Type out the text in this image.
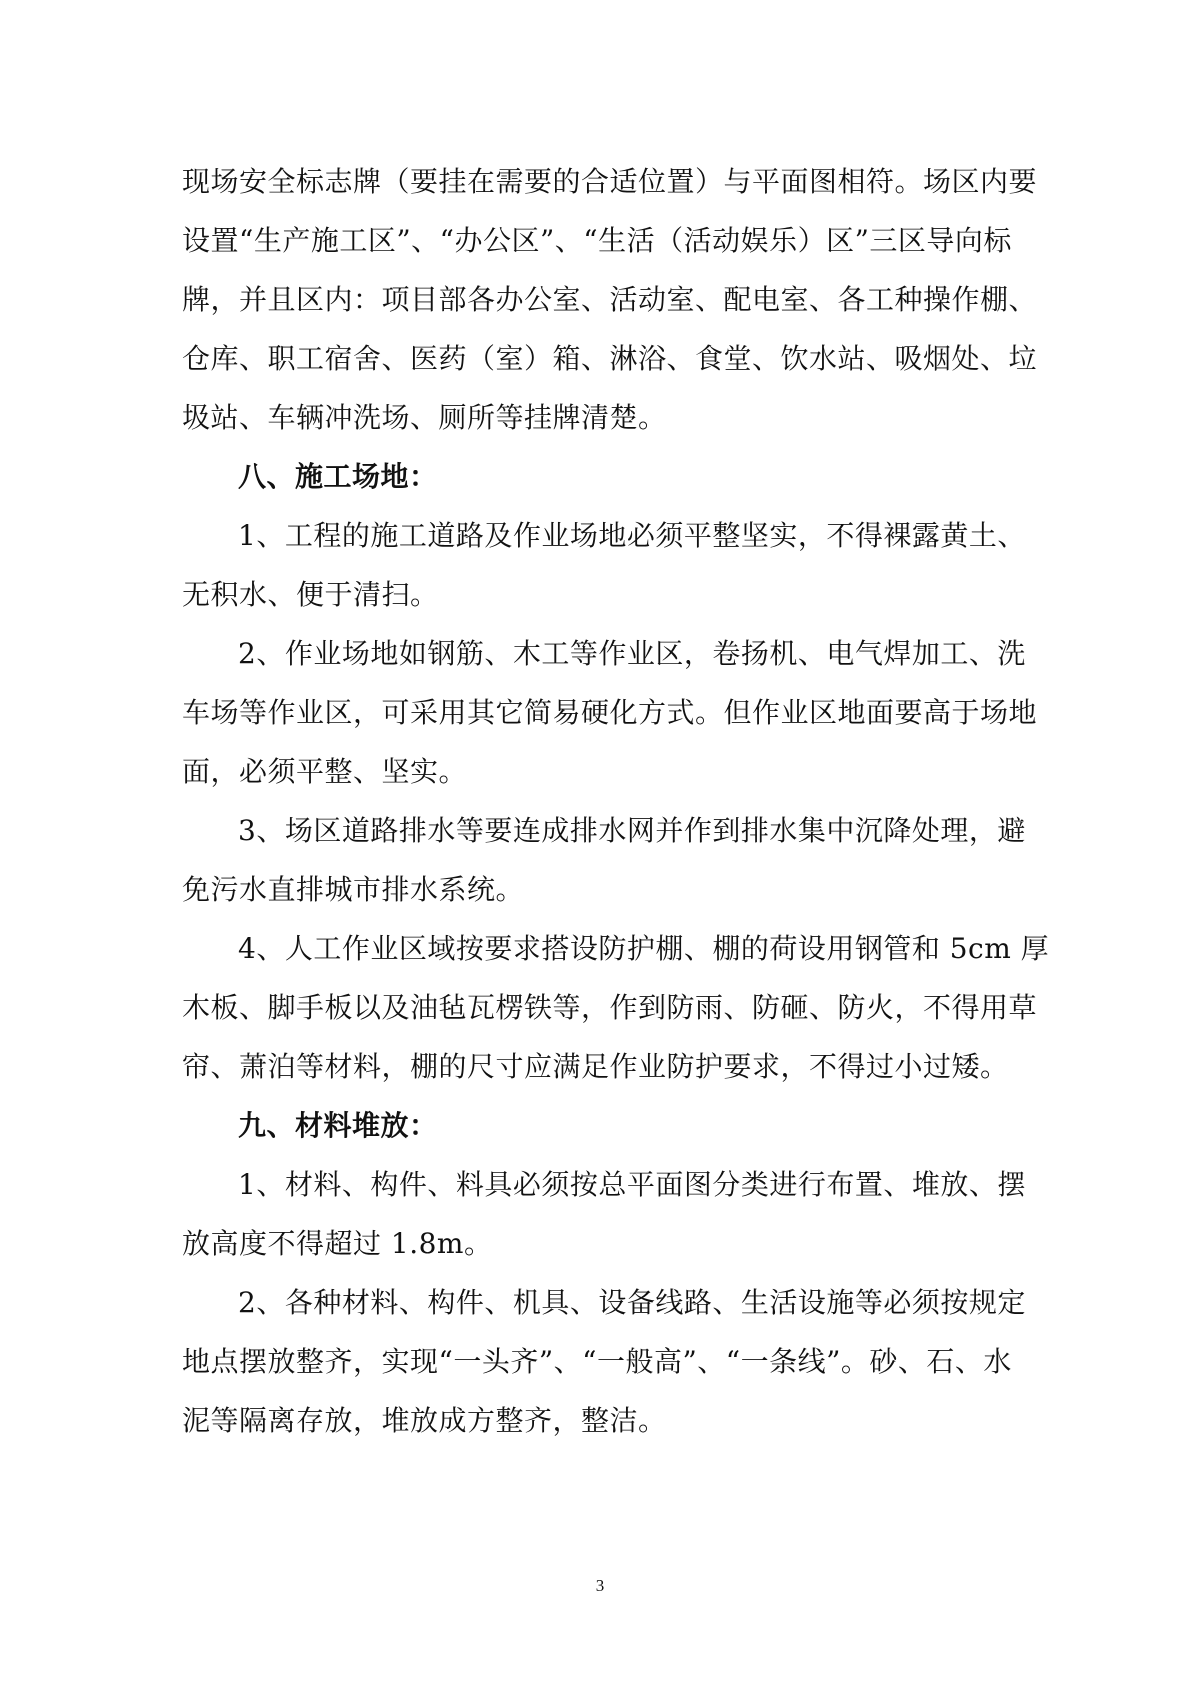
现场安全标志牌（要挂在需要的合适位置）与平面图相符。场区内要
设置“生产施工区”、“办公区”、“生活（活动娱乐）区”三区导向标
牌，并且区内：项目部各办公室、活动室、配电室、各工种操作棚、
仓库、职工宿舍、医药（室）箱、淋浴、食堂、饮水站、吸烟处、垃
圾站、车辆冲洗场、厕所等挂牌清楚。
八、施工场地：
1、工程的施工道路及作业场地必须平整坚实，不得裸露黄土、
无积水、便于清扫。
2、作业场地如钢筋、木工等作业区，卷扬机、电气焊加工、洗
车场等作业区，可采用其它简易硬化方式。但作业区地面要高于场地
面，必须平整、坚实。
3、场区道路排水等要连成排水网并作到排水集中沉降处理，避
免污水直排城市排水系统。
4、人工作业区域按要求搭设防护棚、棚的荷设用钢管和 5cm 厚
木板、脚手板以及油毡瓦楞铁等，作到防雨、防砸、防火，不得用草
帘、萧泊等材料，棚的尺寸应满足作业防护要求，不得过小过矮。
九、材料堆放：
1、材料、构件、料具必须按总平面图分类进行布置、堆放、摆
放高度不得超过 1.8m。
2、各种材料、构件、机具、设备线路、生活设施等必须按规定
地点摆放整齐，实现“一头齐”、“一般高”、“一条线”。砂、石、水
泥等隔离存放，堆放成方整齐，整洁。
3
